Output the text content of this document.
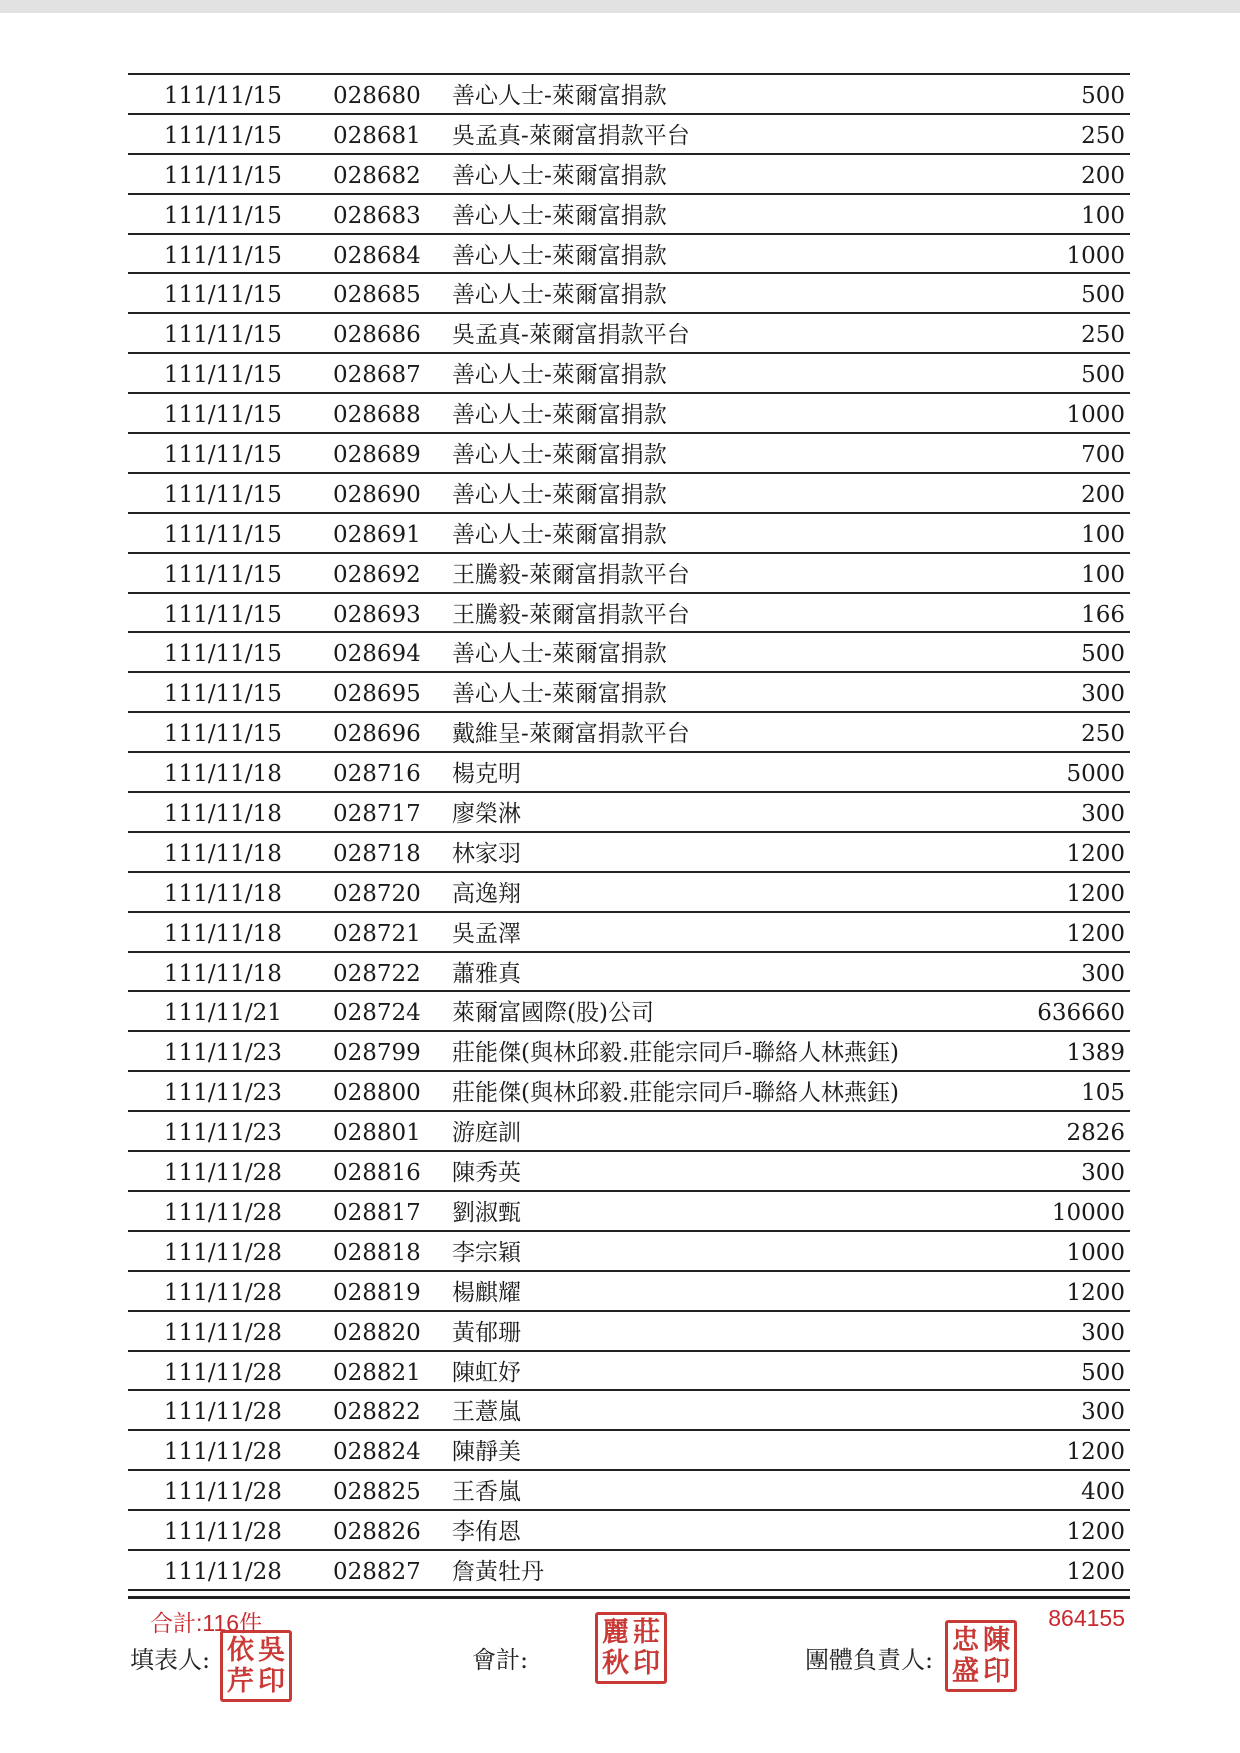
111/11/15 028680 善心人士-萊爾富捐款	500
111/11/15 028681 吳孟真-萊爾富捐款平台	250
111/11/15 028682 善心人士-萊爾富捐款	200
111/11/15 028683 善心人士-萊爾富捐款	100
111/11/15 028684 善心人士-萊爾富捐款	1000
111/11/15 028685 善心人士-萊爾富捐款	500
111/11/15 028686 吳孟真-萊爾富捐款平台	250
111/11/15 028687 善心人士-萊爾富捐款	500
111/11/15 028688 善心人士-萊爾富捐款	1000
111/11/15 028689 善心人士-萊爾富捐款	700
111/11/15 028690 善心人士-萊爾富捐款	200
111/11/15 028691 善心人士-萊爾富捐款	100
111/11/15 028692 王騰毅-萊爾富捐款平台	100
111/11/15 028693 王騰毅-萊爾富捐款平台	166
111/11/15 028694 善心人士-萊爾富捐款	500
111/11/15 028695 善心人士-萊爾富捐款	300
111/11/15 028696 戴維呈-萊爾富捐款平台	250
111/11/18 028716 楊克明	5000
111/11/18 028717 廖榮淋	300
111/11/18 028718 林家羽	1200
111/11/18 028720 高逸翔	1200
111/11/18 028721 吳孟澤	1200
111/11/18 028722 蕭雅真	300
111/11/21 028724 萊爾富國際(股)公司	636660
111/11/23 028799 莊能傑(與林邱毅.莊能宗同戶-聯絡人林燕鈺)	1389
111/11/23 028800 莊能傑(與林邱毅.莊能宗同戶-聯絡人林燕鈺)	105
111/11/23 028801 游庭訓	2826
111/11/28 028816 陳秀英	300
111/11/28 028817 劉淑甄	10000
111/11/28 028818 李宗穎	1000
111/11/28 028819 楊麒耀	1200
111/11/28 028820 黃郁珊	300
111/11/28 028821 陳虹妤	500
111/11/28 028822 王薏嵐	300
111/11/28 028824 陳靜美	1200
111/11/28 028825 王香嵐	400
111/11/28 028826 李侑恩	1200
111/11/28 028827 詹黃牡丹	1200
合計:116件	864155
填表人: 依 吳
芹 印
會計:
麗 莊
秋 印	團體負責人:
忠 陳
盛 印
